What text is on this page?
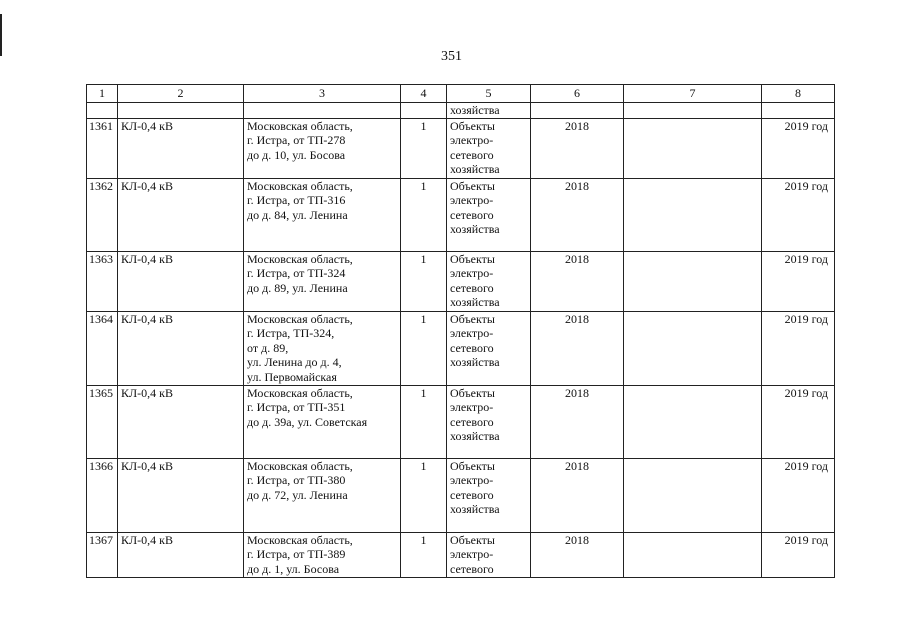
351
1	2	3	4	5	6	7	8
				хозяйства			
1361	КЛ-0,4 кВ	Московская область,
г. Истра, от ТП-278
до д. 10, ул. Босова	1	Объекты
электро-
сетевого
хозяйства	2018		2019 год
1362	КЛ-0,4 кВ	Московская область,
г. Истра, от ТП-316
до д. 84, ул. Ленина	1	Объекты
электро-
сетевого
хозяйства	2018		2019 год
1363	КЛ-0,4 кВ	Московская область,
г. Истра, от ТП-324
до д. 89, ул. Ленина	1	Объекты
электро-
сетевого
хозяйства	2018		2019 год
1364	КЛ-0,4 кВ	Московская область,
г. Истра, ТП-324,
от д. 89,
ул. Ленина до д. 4,
ул. Первомайская	1	Объекты
электро-
сетевого
хозяйства	2018		2019 год
1365	КЛ-0,4 кВ	Московская область,
г. Истра, от ТП-351
до д. 39а, ул. Советская	1	Объекты
электро-
сетевого
хозяйства	2018		2019 год
1366	КЛ-0,4 кВ	Московская область,
г. Истра, от ТП-380
до д. 72, ул. Ленина	1	Объекты
электро-
сетевого
хозяйства	2018		2019 год
1367	КЛ-0,4 кВ	Московская область,
г. Истра, от ТП-389
до д. 1, ул. Босова	1	Объекты
электро-
сетевого	2018		2019 год
